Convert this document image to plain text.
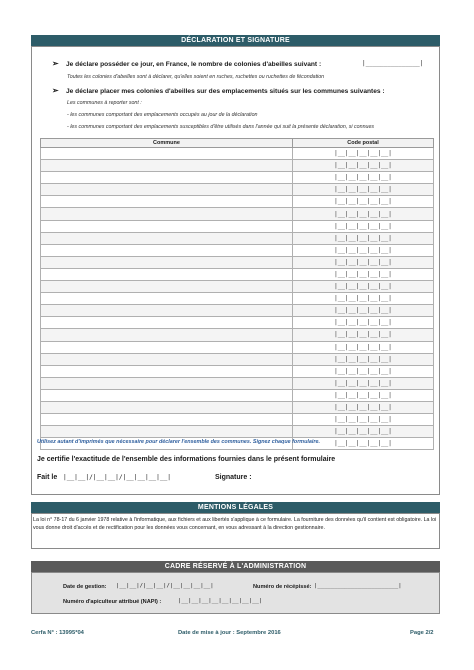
DÉCLARATION ET SIGNATURE
➢ Je déclare posséder ce jour, en France, le nombre de colonies d'abeilles suivant :	|_______________|
Toutes les colonies d'abeilles sont à déclarer, qu'elles soient en ruches, ruchettes ou ruchettes de fécondation
➢ Je déclare placer mes colonies d'abeilles sur des emplacements situés sur les communes suivantes :
Les communes à reporter sont :
- les communes comportant des emplacements occupés au jour de la déclaration
- les communes comportant des emplacements susceptibles d'être utilisés dans l'année qui suit la présente déclaration, si connues
Commune	Code postal
	|__|__|__|__|__|
	|__|__|__|__|__|
	|__|__|__|__|__|
	|__|__|__|__|__|
	|__|__|__|__|__|
	|__|__|__|__|__|
	|__|__|__|__|__|
	|__|__|__|__|__|
	|__|__|__|__|__|
	|__|__|__|__|__|
	|__|__|__|__|__|
	|__|__|__|__|__|
	|__|__|__|__|__|
	|__|__|__|__|__|
	|__|__|__|__|__|
	|__|__|__|__|__|
	|__|__|__|__|__|
	|__|__|__|__|__|
	|__|__|__|__|__|
	|__|__|__|__|__|
	|__|__|__|__|__|
	|__|__|__|__|__|
	|__|__|__|__|__|
	|__|__|__|__|__|
	|__|__|__|__|__|
Utilisez autant d'imprimés que nécessaire pour déclarer l'ensemble des communes. Signez chaque formulaire.
Je certifie l'exactitude de l'ensemble des informations fournies dans le présent formulaire
Fait le |__|__|/|__|__|/|__|__|__|__|	Signature :
MENTIONS LÉGALES
La loi n° 78-17 du 6 janvier 1978 relative à l'informatique, aux fichiers et aux libertés s'applique à ce formulaire. La fourniture des données qu'il contient est obligatoire. La loi vous donne droit d'accès et de rectification pour les données vous concernant, en vous adressant à la direction gestionnaire.
CADRE RÉSERVÉ À L'ADMINISTRATION
Date de gestion: |__|__|/|__|__|/|__|__|__|__|	Numéro de récépissé: |________________________|
Numéro d'apiculteur attribué (NAPI) :	|__|__|__|__|__|__|__|__|
Cerfa N° : 13995*04	Date de mise à jour : Septembre 2016	Page 2/2
